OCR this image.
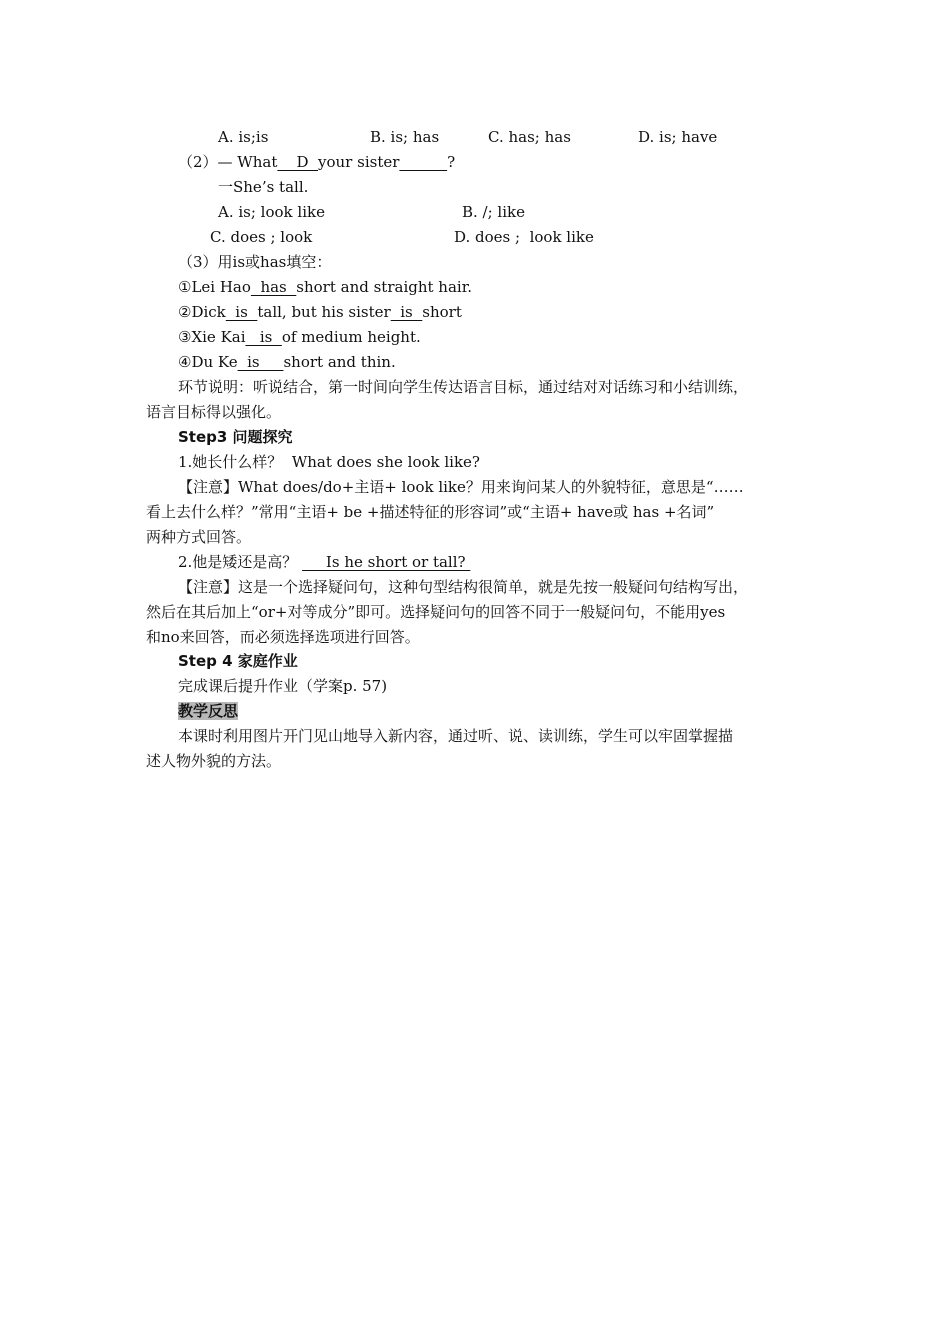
A. is;is	B. is; has	C. has; has	D. is; have
（2）— What    D  your sister	?
一She’s tall.
A. is; look like	B. /; like
C. does ; look	D. does ;  look like
（3）用is或has填空：
①Lei Hao  has  short and straight hair.
②Dick  is  tall, but his sister  is  short
③Xie Kai   is  of medium height.
④Du Ke  is     short and thin.
环节说明：听说结合，第一时间向学生传达语言目标，通过结对对话练习和小结训练，
语言目标得以强化。
Step3 问题探究
1.她长什么样？  What does she look like?
【注意】What does/do+主语+ look like？用来询问某人的外貌特征，意思是“……
看上去什么样？”常用“主语+ be +描述特征的形容词”或“主语+ have或 has +名词”
两种方式回答。
2.他是矮还是高？      Is he short or tall?
【注意】这是一个选择疑问句，这种句型结构很简单，就是先按一般疑问句结构写出，
然后在其后加上“or+对等成分”即可。选择疑问句的回答不同于一般疑问句，不能用yes
和no来回答，而必须选择选项进行回答。
Step 4 家庭作业
完成课后提升作业（学案p. 57)
教学反思
本课时利用图片开门见山地导入新内容，通过听、说、读训练，学生可以牢固掌握描
述人物外貌的方法。
